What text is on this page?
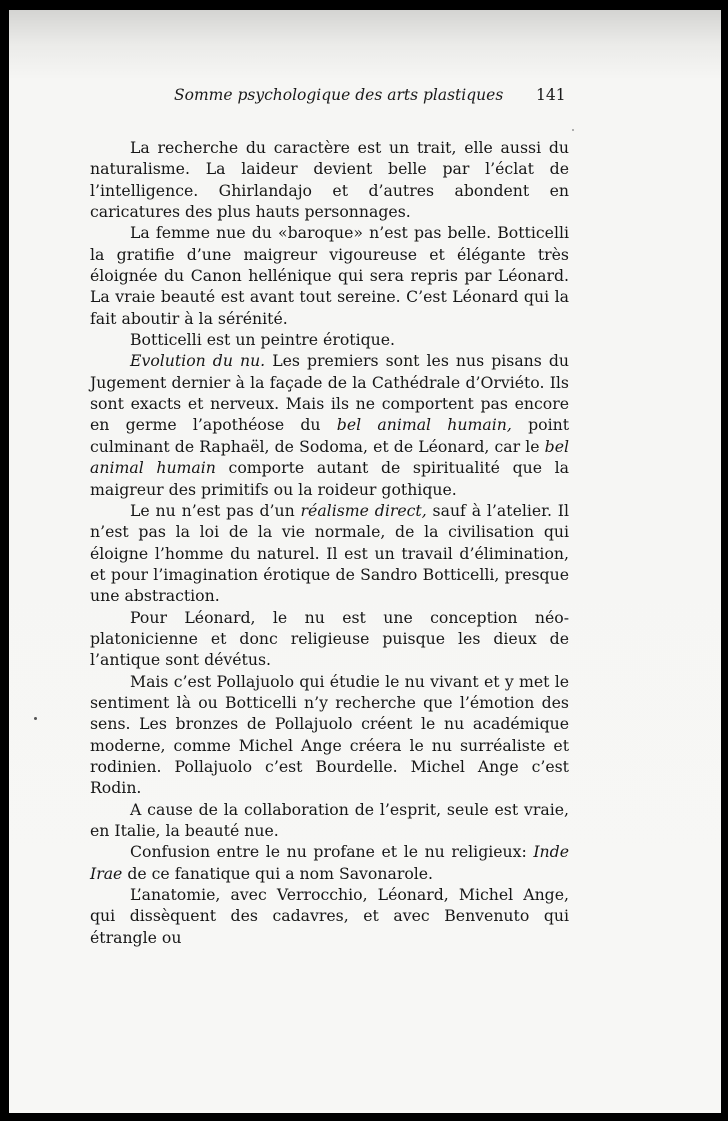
Somme psychologique des arts plastiques 141

La recherche du caractère est un trait, elle aussi du naturalisme. La laideur devient belle par l’éclat de l’intelligence. Ghirlandajo et d’autres abondent en caricatures des plus hauts personnages.

La femme nue du «baroque» n’est pas belle. Botticelli la gratifie d’une maigreur vigoureuse et élégante très éloignée du Canon hellénique qui sera repris par Léonard. La vraie beauté est avant tout sereine. C’est Léonard qui la fait aboutir à la sérénité.

Botticelli est un peintre érotique.

Evolution du nu. Les premiers sont les nus pisans du Jugement dernier à la façade de la Cathédrale d’Orviéto. Ils sont exacts et nerveux. Mais ils ne comportent pas encore en germe l’apothéose du bel animal humain, point culminant de Raphaël, de Sodoma, et de Léonard, car le bel animal humain comporte autant de spiritualité que la maigreur des primitifs ou la roideur gothique.

Le nu n’est pas d’un réalisme direct, sauf à l’atelier. Il n’est pas la loi de la vie normale, de la civilisation qui éloigne l’homme du naturel. Il est un travail d’élimination, et pour l’imagination érotique de Sandro Botticelli, presque une abstraction.

Pour Léonard, le nu est une conception néo-platonicienne et donc religieuse puisque les dieux de l’antique sont dévétus.

Mais c’est Pollajuolo qui étudie le nu vivant et y met le sentiment là ou Botticelli n’y recherche que l’émotion des sens. Les bronzes de Pollajuolo créent le nu académique moderne, comme Michel Ange créera le nu surréaliste et rodinien. Pollajuolo c’est Bourdelle. Michel Ange c’est Rodin.

A cause de la collaboration de l’esprit, seule est vraie, en Italie, la beauté nue.

Confusion entre le nu profane et le nu religieux: Inde Irae de ce fanatique qui a nom Savonarole.

L’anatomie, avec Verrocchio, Léonard, Michel Ange, qui dissèquent des cadavres, et avec Benvenuto qui étrangle ou
